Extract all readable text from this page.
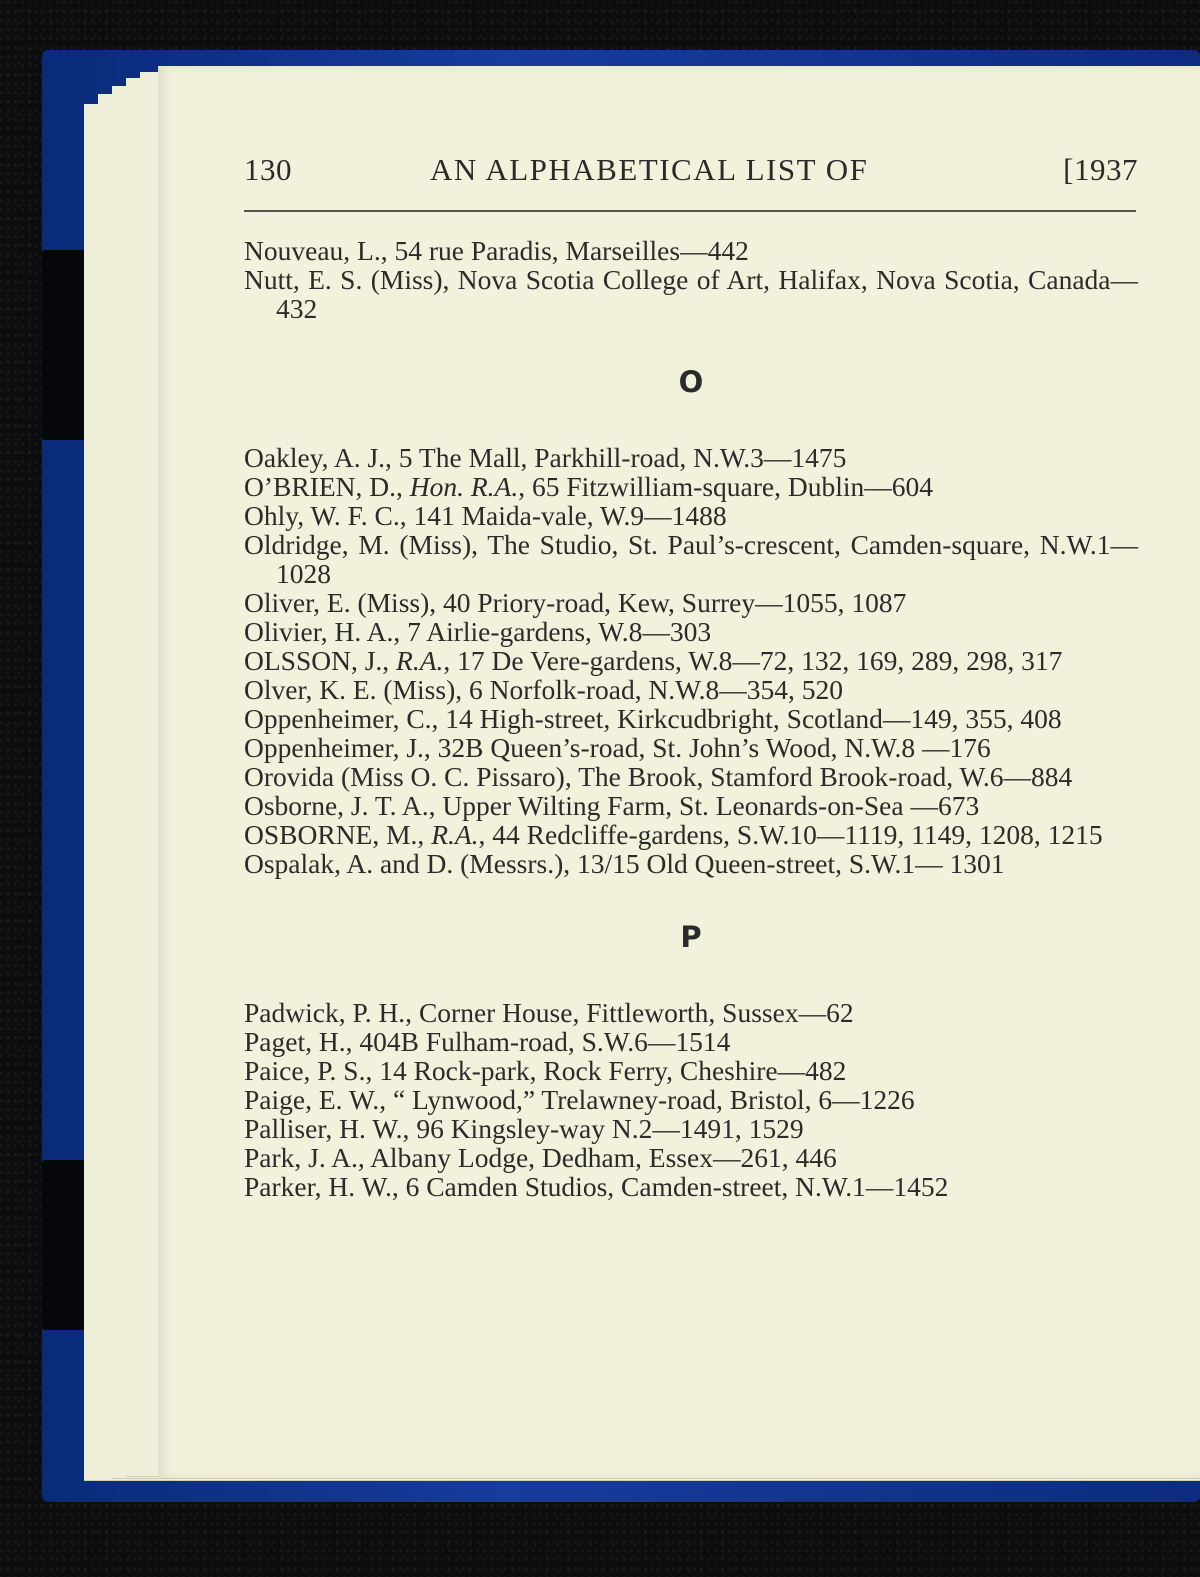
130	AN ALPHABETICAL LIST OF	[1937

Nouveau, L., 54 rue Paradis, Marseilles—442

Nutt, E. S. (Miss), Nova Scotia College of Art, Halifax, Nova Scotia, Canada—432

O

Oakley, A. J., 5 The Mall, Parkhill-road, N.W.3—1475

O’BRIEN, D., Hon. R.A., 65 Fitzwilliam-square, Dublin—604

Ohly, W. F. C., 141 Maida-vale, W.9—1488

Oldridge, M. (Miss), The Studio, St. Paul’s-crescent, Camden-square, N.W.1—1028

Oliver, E. (Miss), 40 Priory-road, Kew, Surrey—1055, 1087

Olivier, H. A., 7 Airlie-gardens, W.8—303

OLSSON, J., R.A., 17 De Vere-gardens, W.8—72, 132, 169, 289, 298, 317

Olver, K. E. (Miss), 6 Norfolk-road, N.W.8—354, 520

Oppenheimer, C., 14 High-street, Kirkcudbright, Scotland—149, 355, 408

Oppenheimer, J., 32B Queen’s-road, St. John’s Wood, N.W.8 —176

Orovida (Miss O. C. Pissaro), The Brook, Stamford Brook-road, W.6—884

Osborne, J. T. A., Upper Wilting Farm, St. Leonards-on-Sea —673

OSBORNE, M., R.A., 44 Redcliffe-gardens, S.W.10—1119, 1149, 1208, 1215

Ospalak, A. and D. (Messrs.), 13/15 Old Queen-street, S.W.1— 1301

P

Padwick, P. H., Corner House, Fittleworth, Sussex—62

Paget, H., 404B Fulham-road, S.W.6—1514

Paice, P. S., 14 Rock-park, Rock Ferry, Cheshire—482

Paige, E. W., “ Lynwood,” Trelawney-road, Bristol, 6—1226

Palliser, H. W., 96 Kingsley-way N.2—1491, 1529

Park, J. A., Albany Lodge, Dedham, Essex—261, 446

Parker, H. W., 6 Camden Studios, Camden-street, N.W.1—1452
